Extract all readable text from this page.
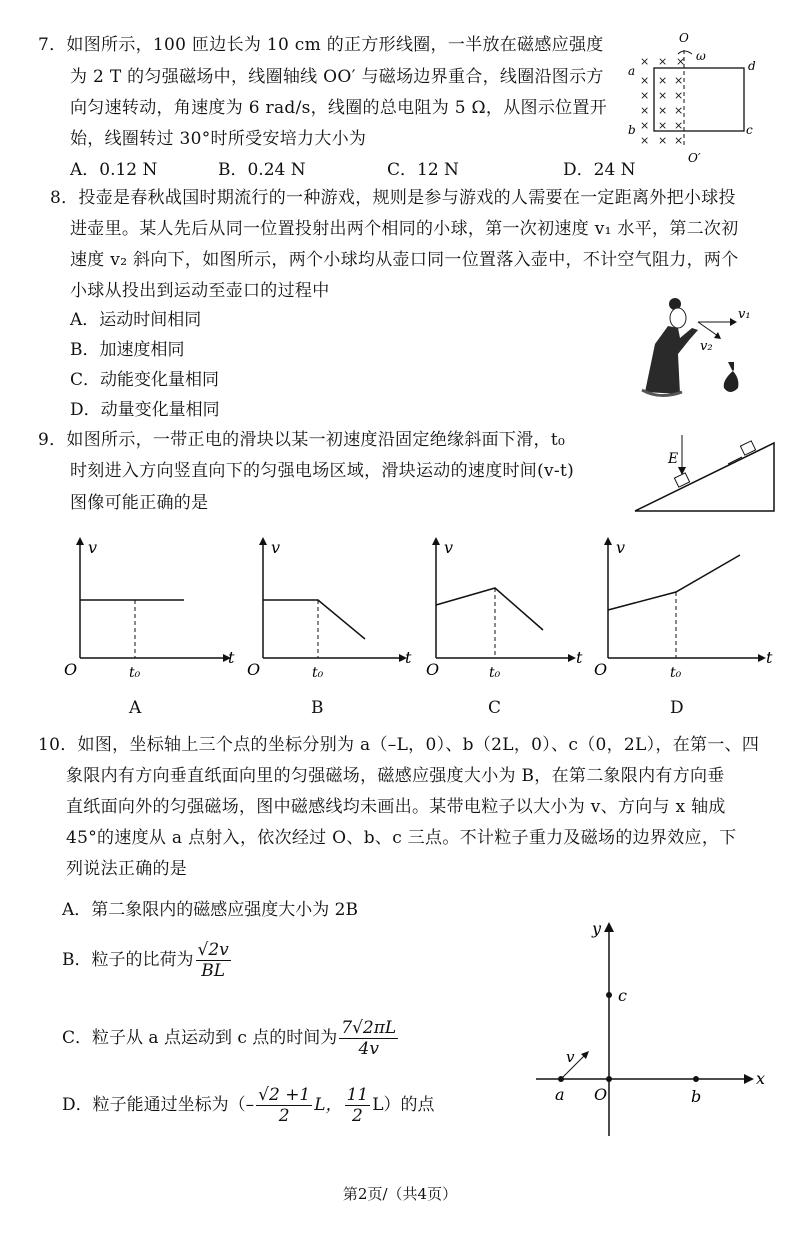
7．如图所示，100 匝边长为 10 cm 的正方形线圈，一半放在磁感应强度
为 2 T 的匀强磁场中，线圈轴线 OO′ 与磁场边界重合，线圈沿图示方
向匀速转动，角速度为 6 rad/s，线圈的总电阻为 5 Ω，从图示位置开
始，线圈转过 30°时所受安培力大小为
A．0.12 N	B．0.24 N	C．12 N	D．24 N
× × ×
× × ×
× × ×
× × ×
× × ×
× × ×
O
ω
a	d
b	c
O′
8．投壶是春秋战国时期流行的一种游戏，规则是参与游戏的人需要在一定距离外把小球投
进壶里。某人先后从同一位置投射出两个相同的小球，第一次初速度 v₁ 水平，第二次初
速度 v₂ 斜向下，如图所示，两个小球均从壶口同一位置落入壶中，不计空气阻力，两个
小球从投出到运动至壶口的过程中
A．运动时间相同
B．加速度相同
C．动能变化量相同
D．动量变化量相同
v₁
v₂
9．如图所示，一带正电的滑块以某一初速度沿固定绝缘斜面下滑，t₀
时刻进入方向竖直向下的匀强电场区域，滑块运动的速度时间(v-t)
图像可能正确的是
E
v
t
O	t₀
v
t
O	t₀
v
t
O	t₀
v
t
O	t₀
A	B	C	D
10．如图，坐标轴上三个点的坐标分别为 a（–L，0）、b（2L，0）、c（0，2L），在第一、四
象限内有方向垂直纸面向里的匀强磁场，磁感应强度大小为 B，在第二象限内有方向垂
直纸面向外的匀强磁场，图中磁感线均未画出。某带电粒子以大小为 v、方向与 x 轴成
45°的速度从 a 点射入，依次经过 O、b、c 三点。不计粒子重力及磁场的边界效应，下
列说法正确的是
A．第二象限内的磁感应强度大小为 2B
B．粒子的比荷为 $\frac{√2v}{BL}$
C．粒子从 a 点运动到 c 点的时间为 $\frac{7√2\pi L}{4v}$
D．粒子能通过坐标为（– $\frac{√2 +1}{2}$ L， $\frac{11}{2} L$）的点
y
x
c
a O	b
v
第2页/（共4页）
